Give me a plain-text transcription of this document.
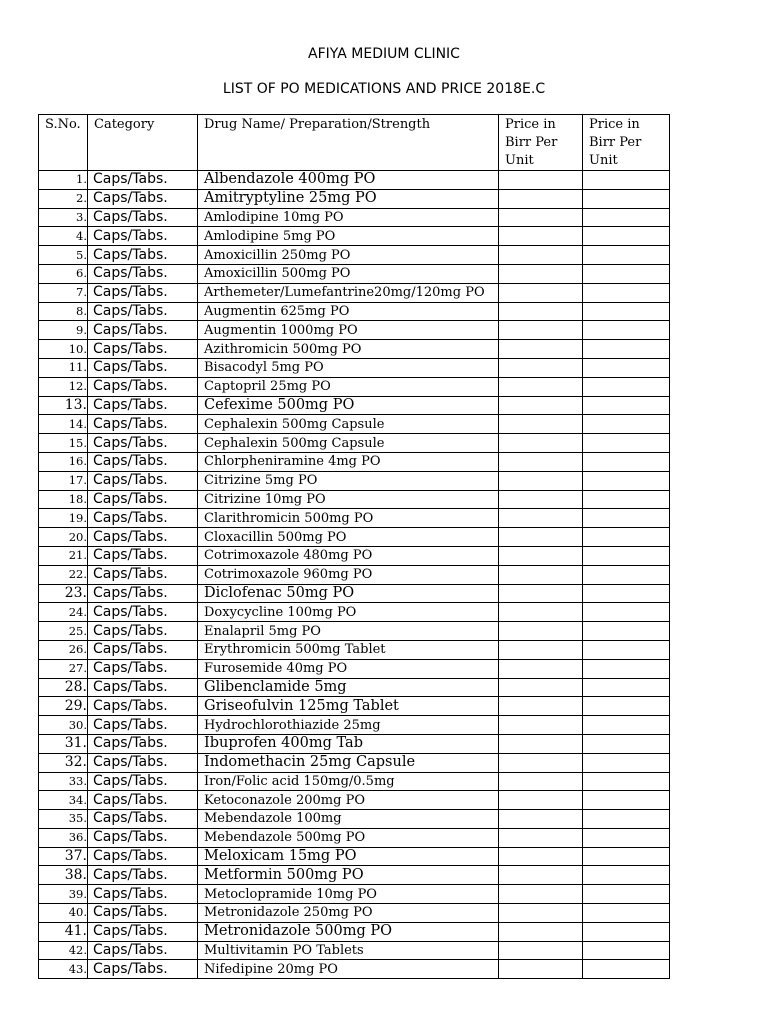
AFIYA MEDIUM CLINIC
LIST OF PO MEDICATIONS AND PRICE 2018E.C
S.No.	Category	Drug Name/ Preparation/Strength	Price in Birr Per Unit	Price in Birr Per Unit
1.	Caps/Tabs.	Albendazole 400mg PO		
2.	Caps/Tabs.	Amitryptyline 25mg PO		
3.	Caps/Tabs.	Amlodipine 10mg PO		
4.	Caps/Tabs.	Amlodipine 5mg PO		
5.	Caps/Tabs.	Amoxicillin 250mg PO		
6.	Caps/Tabs.	Amoxicillin 500mg PO		
7.	Caps/Tabs.	Arthemeter/Lumefantrine20mg/120mg PO		
8.	Caps/Tabs.	Augmentin 625mg PO		
9.	Caps/Tabs.	Augmentin 1000mg PO		
10.	Caps/Tabs.	Azithromicin 500mg PO		
11.	Caps/Tabs.	Bisacodyl 5mg PO		
12.	Caps/Tabs.	Captopril 25mg PO		
13.	Caps/Tabs.	Cefexime 500mg PO		
14.	Caps/Tabs.	Cephalexin 500mg Capsule		
15.	Caps/Tabs.	Cephalexin 500mg Capsule		
16.	Caps/Tabs.	Chlorpheniramine 4mg PO		
17.	Caps/Tabs.	Citrizine 5mg PO		
18.	Caps/Tabs.	Citrizine 10mg PO		
19.	Caps/Tabs.	Clarithromicin 500mg PO		
20.	Caps/Tabs.	Cloxacillin 500mg PO		
21.	Caps/Tabs.	Cotrimoxazole 480mg PO		
22.	Caps/Tabs.	Cotrimoxazole 960mg PO		
23.	Caps/Tabs.	Diclofenac 50mg PO		
24.	Caps/Tabs.	Doxycycline 100mg PO		
25.	Caps/Tabs.	Enalapril 5mg PO		
26.	Caps/Tabs.	Erythromicin 500mg Tablet		
27.	Caps/Tabs.	Furosemide 40mg PO		
28.	Caps/Tabs.	Glibenclamide 5mg		
29.	Caps/Tabs.	Griseofulvin 125mg Tablet		
30.	Caps/Tabs.	Hydrochlorothiazide 25mg		
31.	Caps/Tabs.	Ibuprofen 400mg Tab		
32.	Caps/Tabs.	Indomethacin 25mg Capsule		
33.	Caps/Tabs.	Iron/Folic acid 150mg/0.5mg		
34.	Caps/Tabs.	Ketoconazole 200mg PO		
35.	Caps/Tabs.	Mebendazole 100mg		
36.	Caps/Tabs.	Mebendazole 500mg PO		
37.	Caps/Tabs.	Meloxicam 15mg PO		
38.	Caps/Tabs.	Metformin 500mg PO		
39.	Caps/Tabs.	Metoclopramide 10mg PO		
40.	Caps/Tabs.	Metronidazole 250mg PO		
41.	Caps/Tabs.	Metronidazole 500mg PO		
42.	Caps/Tabs.	Multivitamin PO Tablets		
43.	Caps/Tabs.	Nifedipine 20mg PO		
